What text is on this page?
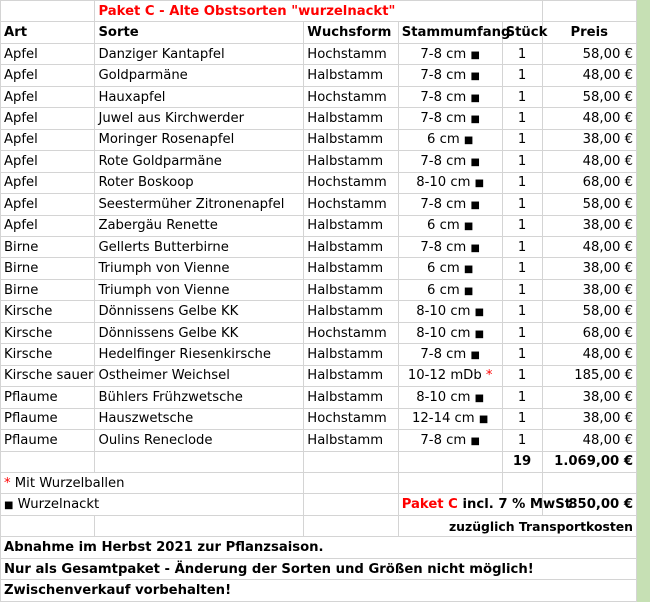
	Paket C - Alte Obstsorten "wurzelnackt"				
Art	Sorte	Wuchsform	Stammumfang	Stück	Preis
Apfel	Danziger Kantapfel	Hochstamm	7-8 cm ■	1	58,00 €
Apfel	Goldparmäne	Halbstamm	7-8 cm ■	1	48,00 €
Apfel	Hauxapfel	Hochstamm	7-8 cm ■	1	58,00 €
Apfel	Juwel aus Kirchwerder	Halbstamm	7-8 cm ■	1	48,00 €
Apfel	Moringer Rosenapfel	Halbstamm	6 cm ■	1	38,00 €
Apfel	Rote Goldparmäne	Halbstamm	7-8 cm ■	1	48,00 €
Apfel	Roter Boskoop	Hochstamm	8-10 cm ■	1	68,00 €
Apfel	Seestermüher Zitronenapfel	Hochstamm	7-8 cm ■	1	58,00 €
Apfel	Zabergäu Renette	Halbstamm	6 cm ■	1	38,00 €
Birne	Gellerts Butterbirne	Halbstamm	7-8 cm ■	1	48,00 €
Birne	Triumph von Vienne	Halbstamm	6 cm ■	1	38,00 €
Birne	Triumph von Vienne	Halbstamm	6 cm ■	1	38,00 €
Kirsche	Dönnissens Gelbe KK	Halbstamm	8-10 cm ■	1	58,00 €
Kirsche	Dönnissens Gelbe KK	Hochstamm	8-10 cm ■	1	68,00 €
Kirsche	Hedelfinger Riesenkirsche	Halbstamm	7-8 cm ■	1	48,00 €
Kirsche sauer	Ostheimer Weichsel	Halbstamm	10-12 mDb *	1	185,00 €
Pflaume	Bühlers Frühzwetsche	Halbstamm	8-10 cm ■	1	38,00 €
Pflaume	Hauszwetsche	Hochstamm	12-14 cm ■	1	38,00 €
Pflaume	Oulins Reneclode	Halbstamm	7-8 cm ■	1	48,00 €
				19	1.069,00 €
* Mit Wurzelballen					
■ Wurzelnackt			Paket C incl. 7 % MwSt		850,00 €
			zuzüglich Transportkosten		
Abnahme im Herbst 2021 zur Pflanzsaison.					
Nur als Gesamtpaket - Änderung der Sorten und Größen nicht möglich!					
Zwischenverkauf vorbehalten!					
